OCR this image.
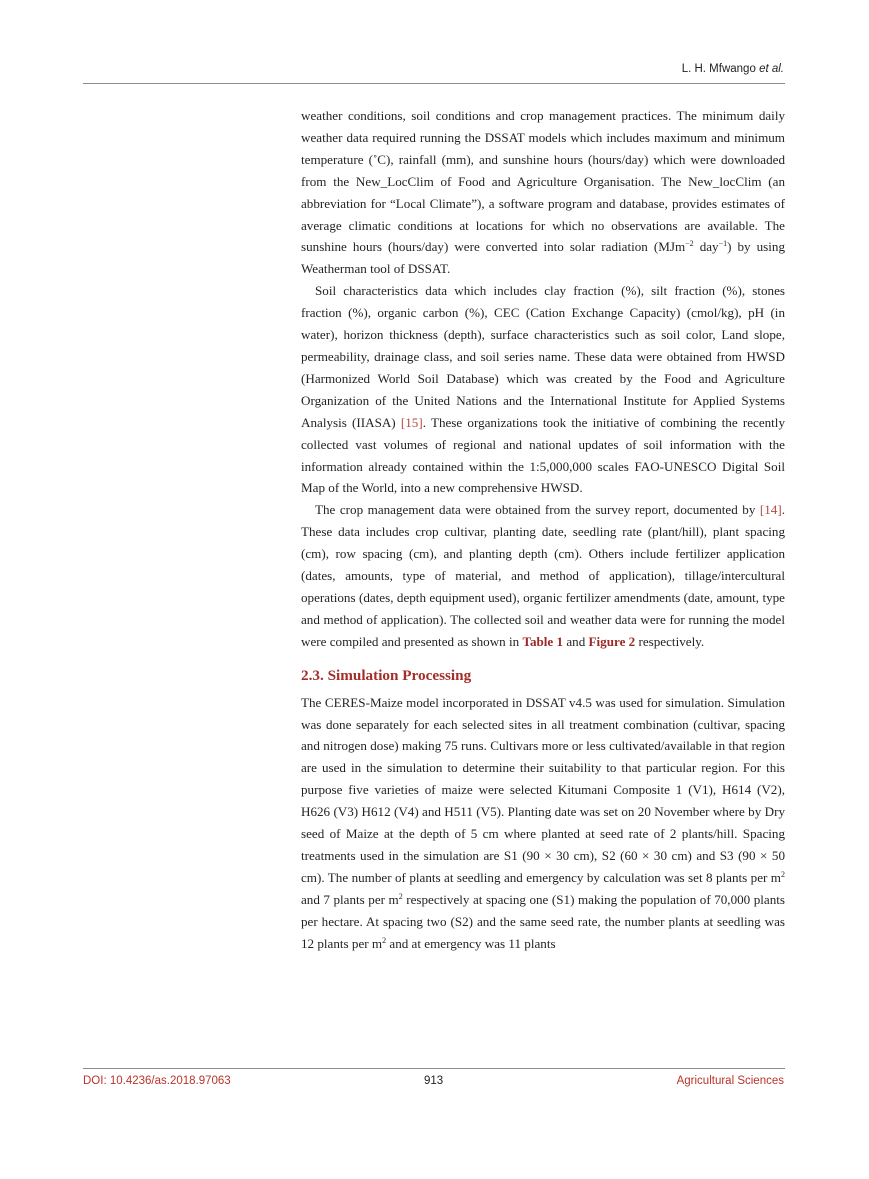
L. H. Mfwango et al.

weather conditions, soil conditions and crop management practices. The minimum daily weather data required running the DSSAT models which includes maximum and minimum temperature (˚C), rainfall (mm), and sunshine hours (hours/day) which were downloaded from the New_LocClim of Food and Agriculture Organisation. The New_locClim (an abbreviation for “Local Climate”), a software program and database, provides estimates of average climatic conditions at locations for which no observations are available. The sunshine hours (hours/day) were converted into solar radiation (MJm$^{-2}$ day$^{-1}$) by using Weatherman tool of DSSAT.

Soil characteristics data which includes clay fraction (%), silt fraction (%), stones fraction (%), organic carbon (%), CEC (Cation Exchange Capacity) (cmol/kg), pH (in water), horizon thickness (depth), surface characteristics such as soil color, Land slope, permeability, drainage class, and soil series name. These data were obtained from HWSD (Harmonized World Soil Database) which was created by the Food and Agriculture Organization of the United Nations and the International Institute for Applied Systems Analysis (IIASA) [15]. These organizations took the initiative of combining the recently collected vast volumes of regional and national updates of soil information with the information already contained within the 1:5,000,000 scales FAO-UNESCO Digital Soil Map of the World, into a new comprehensive HWSD.

The crop management data were obtained from the survey report, documented by [14]. These data includes crop cultivar, planting date, seedling rate (plant/hill), plant spacing (cm), row spacing (cm), and planting depth (cm). Others include fertilizer application (dates, amounts, type of material, and method of application), tillage/intercultural operations (dates, depth equipment used), organic fertilizer amendments (date, amount, type and method of application). The collected soil and weather data were for running the model were compiled and presented as shown in Table 1 and Figure 2 respectively.

2.3. Simulation Processing

The CERES-Maize model incorporated in DSSAT v4.5 was used for simulation. Simulation was done separately for each selected sites in all treatment combination (cultivar, spacing and nitrogen dose) making 75 runs. Cultivars more or less cultivated/available in that region are used in the simulation to determine their suitability to that particular region. For this purpose five varieties of maize were selected Kitumani Composite 1 (V1), H614 (V2), H626 (V3) H612 (V4) and H511 (V5). Planting date was set on 20 November where by Dry seed of Maize at the depth of 5 cm where planted at seed rate of 2 plants/hill. Spacing treatments used in the simulation are S1 (90 × 30 cm), S2 (60 × 30 cm) and S3 (90 × 50 cm). The number of plants at seedling and emergency by calculation was set 8 plants per $m^2$ and 7 plants per $m^2$ respectively at spacing one (S1) making the population of 70,000 plants per hectare. At spacing two (S2) and the same seed rate, the number plants at seedling was 12 plants per $m^2$ and at emergency was 11 plants

DOI: 10.4236/as.2018.97063	913	Agricultural Sciences
